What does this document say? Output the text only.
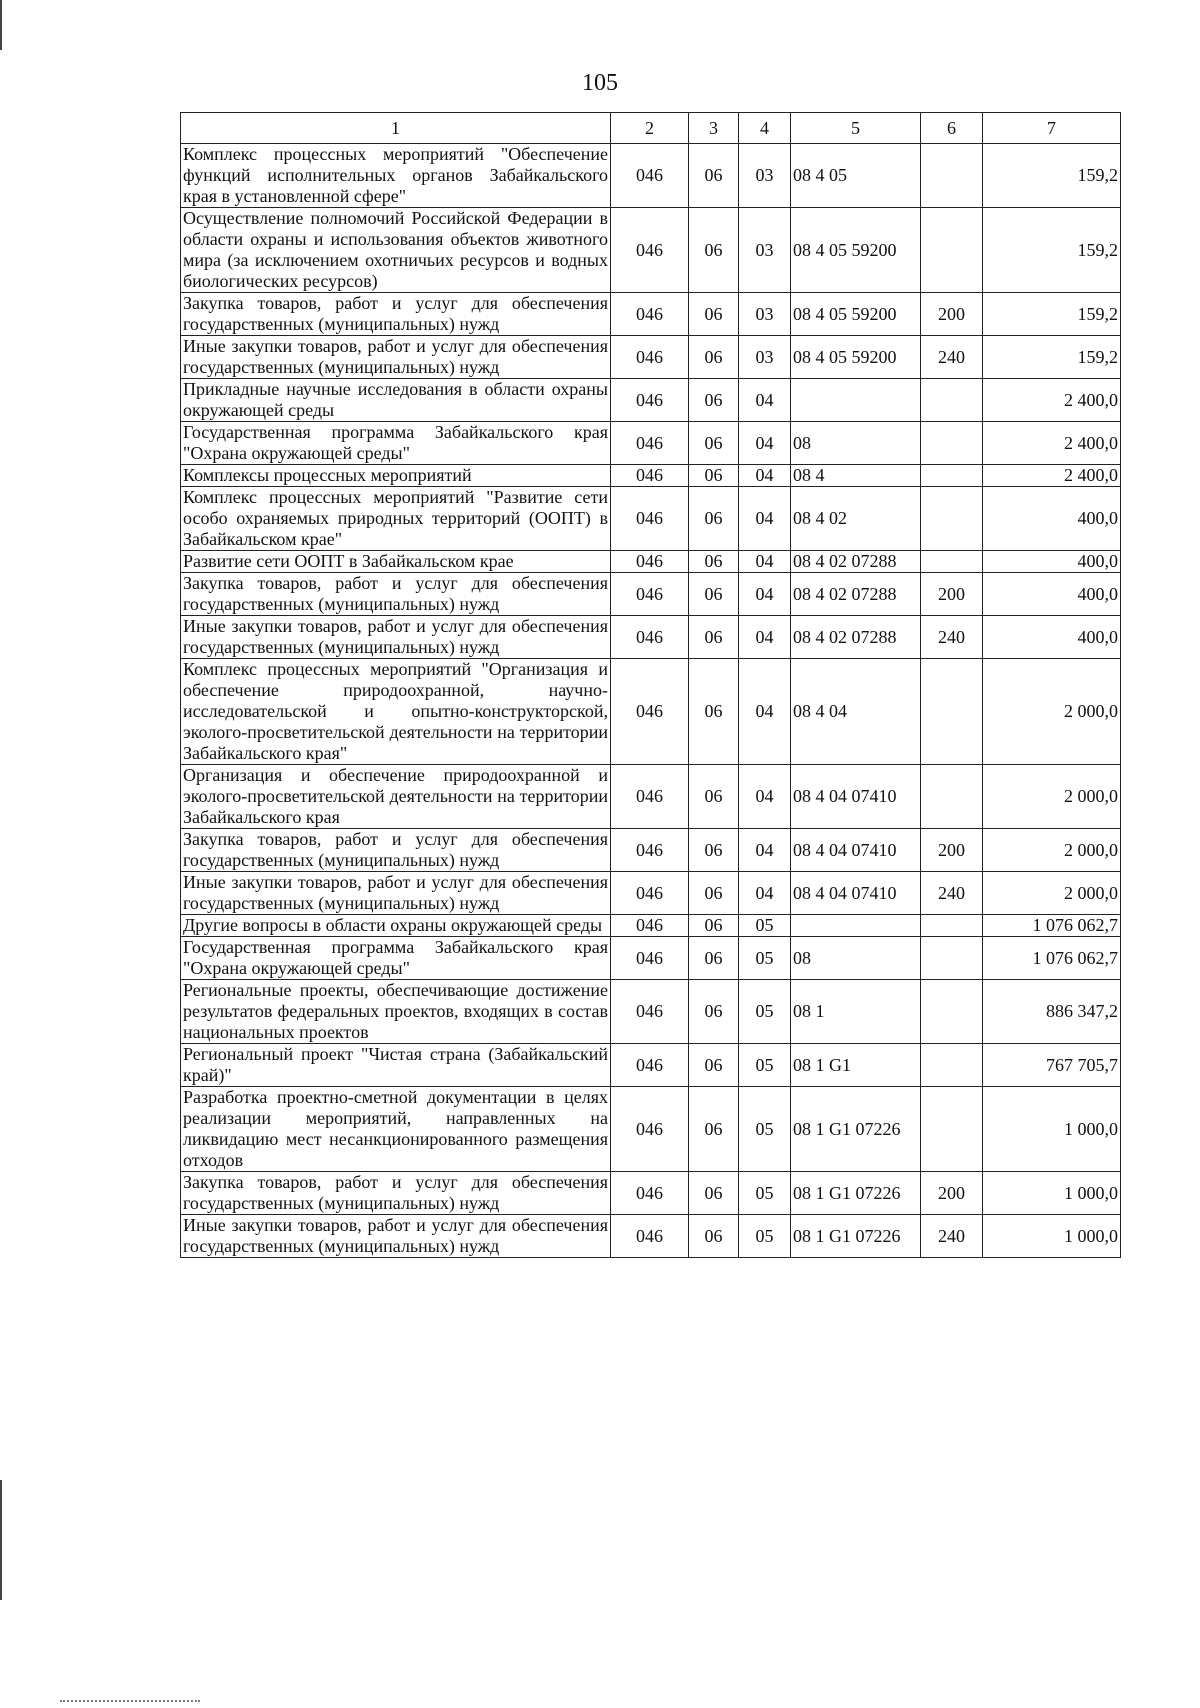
105
1	2	3	4	5	6	7
Комплекс процессных мероприятий "Обеспечение функций исполнительных органов Забайкальского края в установленной сфере"	046	06	03	08 4 05		159,2
Осуществление полномочий Российской Федерации в области охраны и использования объектов животного мира (за исключением охотничьих ресурсов и водных биологических ресурсов)	046	06	03	08 4 05 59200		159,2
Закупка товаров, работ и услуг для обеспечения государственных (муниципальных) нужд	046	06	03	08 4 05 59200	200	159,2
Иные закупки товаров, работ и услуг для обеспечения государственных (муниципальных) нужд	046	06	03	08 4 05 59200	240	159,2
Прикладные научные исследования в области охраны окружающей среды	046	06	04			2 400,0
Государственная программа Забайкальского края "Охрана окружающей среды"	046	06	04	08		2 400,0
Комплексы процессных мероприятий	046	06	04	08 4		2 400,0
Комплекс процессных мероприятий "Развитие сети особо охраняемых природных территорий (ООПТ) в Забайкальском крае"	046	06	04	08 4 02		400,0
Развитие сети ООПТ в Забайкальском крае	046	06	04	08 4 02 07288		400,0
Закупка товаров, работ и услуг для обеспечения государственных (муниципальных) нужд	046	06	04	08 4 02 07288	200	400,0
Иные закупки товаров, работ и услуг для обеспечения государственных (муниципальных) нужд	046	06	04	08 4 02 07288	240	400,0
Комплекс процессных мероприятий "Организация и обеспечение природоохранной, научно-исследовательской и опытно-конструкторской, эколого-просветительской деятельности на территории Забайкальского края"	046	06	04	08 4 04		2 000,0
Организация и обеспечение природоохранной и эколого-просветительской деятельности на территории Забайкальского края	046	06	04	08 4 04 07410		2 000,0
Закупка товаров, работ и услуг для обеспечения государственных (муниципальных) нужд	046	06	04	08 4 04 07410	200	2 000,0
Иные закупки товаров, работ и услуг для обеспечения государственных (муниципальных) нужд	046	06	04	08 4 04 07410	240	2 000,0
Другие вопросы в области охраны окружающей среды	046	06	05			1 076 062,7
Государственная программа Забайкальского края "Охрана окружающей среды"	046	06	05	08		1 076 062,7
Региональные проекты, обеспечивающие достижение результатов федеральных проектов, входящих в состав национальных проектов	046	06	05	08 1		886 347,2
Региональный проект "Чистая страна (Забайкальский край)"	046	06	05	08 1 G1		767 705,7
Разработка проектно-сметной документации в целях реализации мероприятий, направленных на ликвидацию мест несанкционированного размещения отходов	046	06	05	08 1 G1 07226		1 000,0
Закупка товаров, работ и услуг для обеспечения государственных (муниципальных) нужд	046	06	05	08 1 G1 07226	200	1 000,0
Иные закупки товаров, работ и услуг для обеспечения государственных (муниципальных) нужд	046	06	05	08 1 G1 07226	240	1 000,0
